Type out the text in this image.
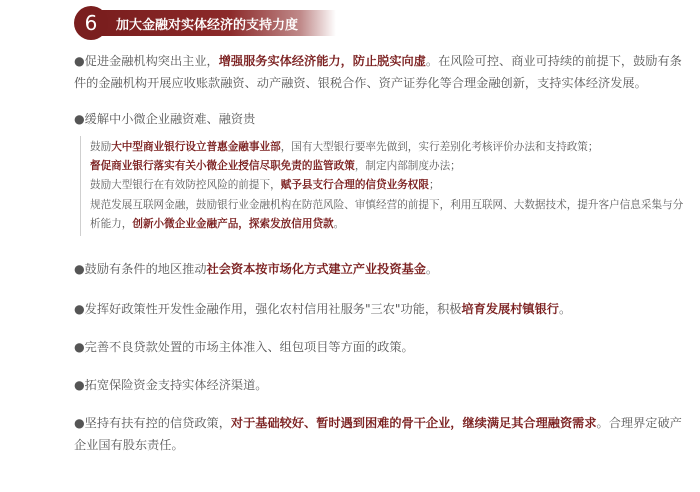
6	加大金融对实体经济的支持力度

●促进金融机构突出主业，增强服务实体经济能力，防止脱实向虚。在风险可控、商业可持续的前提下，鼓励有条件的金融机构开展应收账款融资、动产融资、银税合作、资产证券化等合理金融创新，支持实体经济发展。

●缓解中小微企业融资难、融资贵

鼓励大中型商业银行设立普惠金融事业部，国有大型银行要率先做到，实行差别化考核评价办法和支持政策；
督促商业银行落实有关小微企业授信尽职免责的监管政策，制定内部制度办法；
鼓励大型银行在有效防控风险的前提下，赋予县支行合理的信贷业务权限；
规范发展互联网金融，鼓励银行业金融机构在防范风险、审慎经营的前提下，利用互联网、大数据技术，提升客户信息采集与分析能力，创新小微企业金融产品，探索发放信用贷款。

●鼓励有条件的地区推动社会资本按市场化方式建立产业投资基金。

●发挥好政策性开发性金融作用，强化农村信用社服务"三农"功能，积极培育发展村镇银行。

●完善不良贷款处置的市场主体准入、组包项目等方面的政策。

●拓宽保险资金支持实体经济渠道。

●坚持有扶有控的信贷政策，对于基础较好、暂时遇到困难的骨干企业，继续满足其合理融资需求。合理界定破产企业国有股东责任。
